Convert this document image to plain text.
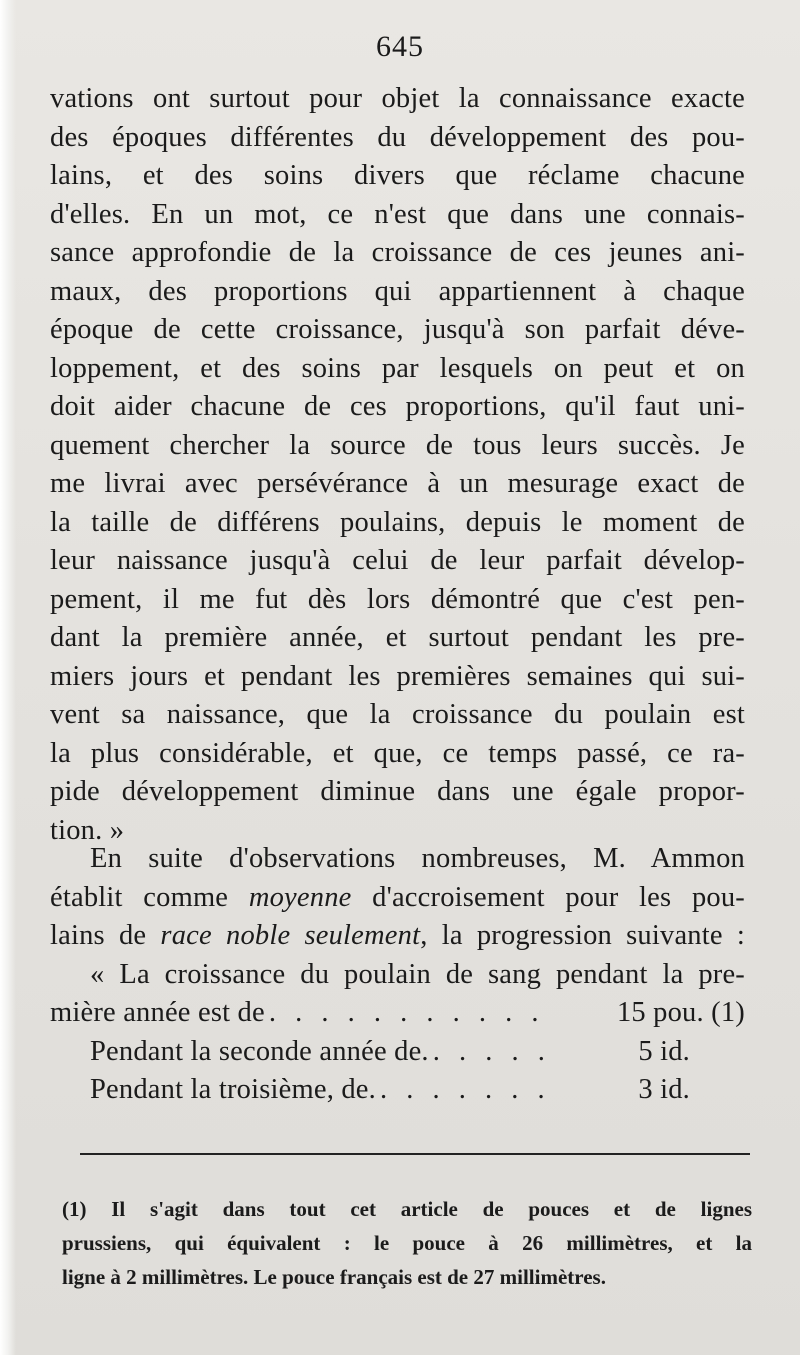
645
vations ont surtout pour objet la connaissance exacte
des époques différentes du développement des pou-
lains, et des soins divers que réclame chacune
d'elles. En un mot, ce n'est que dans une connais-
sance approfondie de la croissance de ces jeunes ani-
maux, des proportions qui appartiennent à chaque
époque de cette croissance, jusqu'à son parfait déve-
loppement, et des soins par lesquels on peut et on
doit aider chacune de ces proportions, qu'il faut uni-
quement chercher la source de tous leurs succès. Je
me livrai avec persévérance à un mesurage exact de
la taille de différens poulains, depuis le moment de
leur naissance jusqu'à celui de leur parfait dévelop-
pement, il me fut dès lors démontré que c'est pen-
dant la première année, et surtout pendant les pre-
miers jours et pendant les premières semaines qui sui-
vent sa naissance, que la croissance du poulain est
la plus considérable, et que, ce temps passé, ce ra-
pide développement diminue dans une égale propor-
tion. »
En suite d'observations nombreuses, M. Ammon
établit comme moyenne d'accroisement pour les pou-
lains de race noble seulement, la progression suivante :
« La croissance du poulain de sang pendant la pre-
mière année est de . . . . . . . . . . .	15 pou. (1)
Pendant la seconde année de. . . . . .	5 id.
Pendant la troisième, de. . . . . . . .	3 id.
(1) Il s'agit dans tout cet article de pouces et de lignes
prussiens, qui équivalent : le pouce à 26 millimètres, et la
ligne à 2 millimètres. Le pouce français est de 27 millimètres.
